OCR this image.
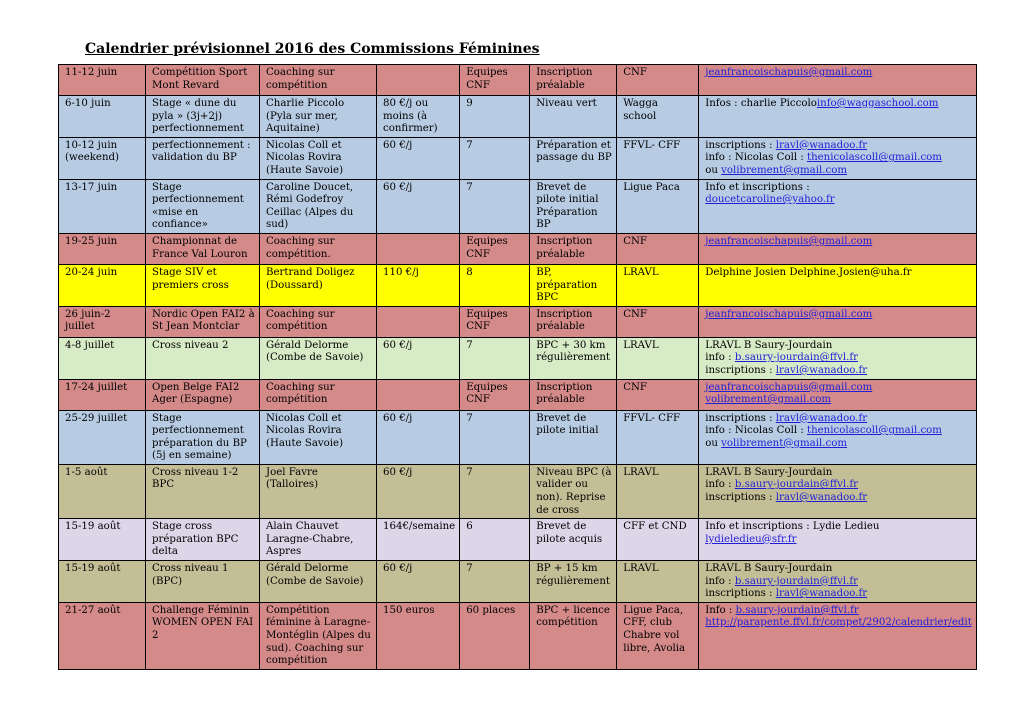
Calendrier prévisionnel 2016 des Commissions Féminines
11-12 juin	Compétition Sport Mont Revard	Coaching sur compétition		Equipes CNF	Inscription préalable	CNF	jeanfrancoischapuis@gmail.com
6-10 juin	Stage « dune du pyla » (3j+2j) perfectionnement	Charlie Piccolo (Pyla sur mer, Aquitaine)	80 €/j ou moins (à confirmer)	9	Niveau vert	Wagga school	Infos : charlie Piccoloinfo@waggaschool.com
10-12 juin (weekend)	perfectionnement : validation du BP	Nicolas Coll et Nicolas Rovira (Haute Savoie)	60 €/j	7	Préparation et passage du BP	FFVL- CFF	inscriptions : lravl@wanadoo.fr
info : Nicolas Coll : thenicolascoll@gmail.com
ou volibrement@gmail.com
13-17 juin	Stage perfectionnement «mise en confiance»	Caroline Doucet, Rémi Godefroy Ceillac (Alpes du sud)	60 €/j	7	Brevet de pilote initial Préparation BP	Ligue Paca	Info et inscriptions :
doucetcaroline@yahoo.fr
19-25 juin	Championnat de France Val Louron	Coaching sur compétition.		Equipes CNF	Inscription préalable	CNF	jeanfrancoischapuis@gmail.com
20-24 juin	Stage SIV et premiers cross	Bertrand Doligez (Doussard)	110 €/j	8	BP, préparation BPC	LRAVL	Delphine Josien Delphine.Josien@uha.fr
26 juin-2 juillet	Nordic Open FAI2 à St Jean Montclar	Coaching sur compétition		Equipes CNF	Inscription préalable	CNF	jeanfrancoischapuis@gmail.com
4-8 juillet	Cross niveau 2	Gérald Delorme (Combe de Savoie)	60 €/j	7	BPC + 30 km régulièrement	LRAVL	LRAVL B Saury-Jourdain
info : b.saury-jourdain@ffvl.fr
inscriptions : lravl@wanadoo.fr
17-24 juillet	Open Belge FAI2 Ager (Espagne)	Coaching sur compétition		Equipes CNF	Inscription préalable	CNF	jeanfrancoischapuis@gmail.com
volibrement@gmail.com
25-29 juillet	Stage perfectionnement préparation du BP (5j en semaine)	Nicolas Coll et Nicolas Rovira (Haute Savoie)	60 €/j	7	Brevet de pilote initial	FFVL- CFF	inscriptions : lravl@wanadoo.fr
info : Nicolas Coll : thenicolascoll@gmail.com
ou volibrement@gmail.com
1-5 août	Cross niveau 1-2 BPC	Joel Favre (Talloires)	60 €/j	7	Niveau BPC (à valider ou non). Reprise de cross	LRAVL	LRAVL B Saury-Jourdain
info : b.saury-jourdain@ffvl.fr
inscriptions : lravl@wanadoo.fr
15-19 août	Stage cross préparation BPC delta	Alain Chauvet Laragne-Chabre, Aspres	164€/semaine	6	Brevet de pilote acquis	CFF et CND	Info et inscriptions : Lydie Ledieu
lydieledieu@sfr.fr
15-19 août	Cross niveau 1 (BPC)	Gérald Delorme (Combe de Savoie)	60 €/j	7	BP + 15 km régulièrement	LRAVL	LRAVL B Saury-Jourdain
info : b.saury-jourdain@ffvl.fr
inscriptions : lravl@wanadoo.fr
21-27 août	Challenge Féminin WOMEN OPEN FAI 2	Compétition féminine à Laragne-Montéglin (Alpes du sud). Coaching sur compétition	150 euros	60 places	BPC + licence compétition	Ligue Paca, CFF, club Chabre vol libre, Avolia	Info : b.saury-jourdain@ffvl.fr
http://parapente.ffvl.fr/compet/2902/calendrier/edit
